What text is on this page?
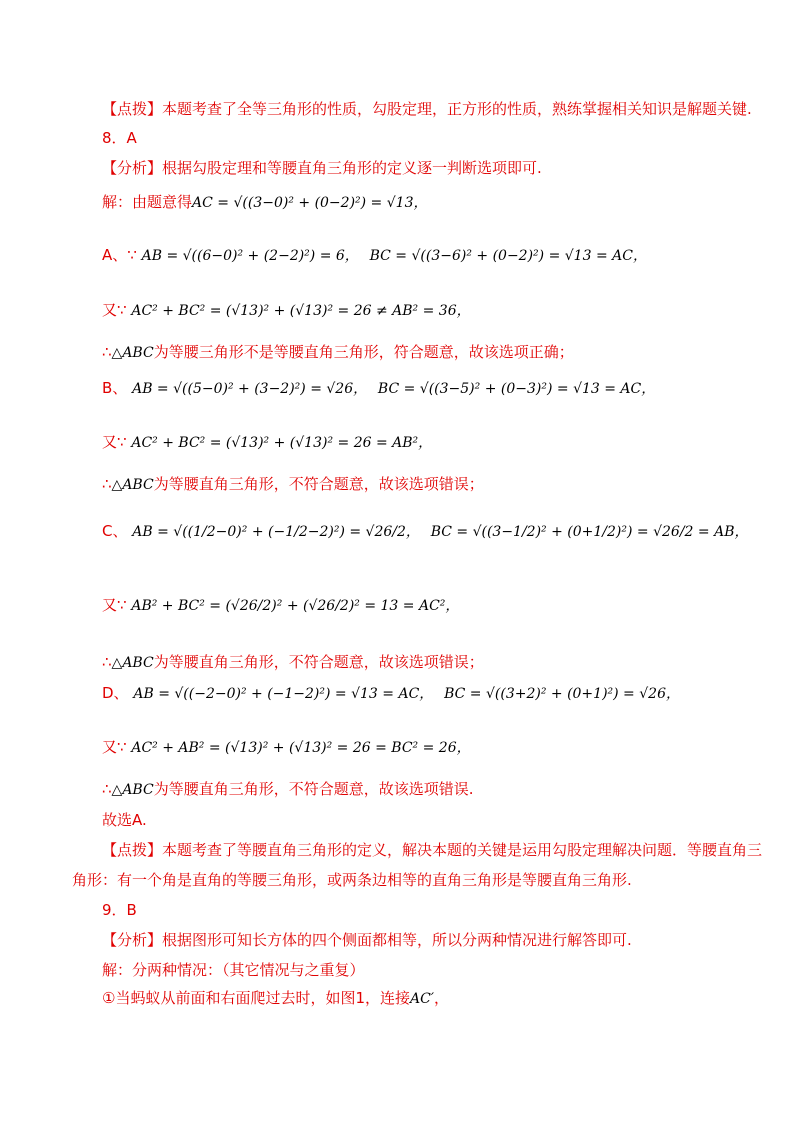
【点拨】本题考查了全等三角形的性质，勾股定理，正方形的性质，熟练掌握相关知识是解题关键.
8．A
【分析】根据勾股定理和等腰直角三角形的定义逐一判断选项即可.
解：由题意得AC = √((3−0)² + (0−2)²) = √13，
A、∵ AB = √((6−0)² + (2−2)²) = 6， BC = √((3−6)² + (0−2)²) = √13 = AC，
又∵ AC² + BC² = (√13)² + (√13)² = 26 ≠ AB² = 36，
∴△ABC为等腰三角形不是等腰直角三角形，符合题意，故该选项正确；
B、 AB = √((5−0)² + (3−2)²) = √26， BC = √((3−5)² + (0−3)²) = √13 = AC，
又∵ AC² + BC² = (√13)² + (√13)² = 26 = AB²，
∴△ABC为等腰直角三角形，不符合题意，故该选项错误；
C、 AB = √((1/2−0)² + (−1/2−2)²) = √26/2， BC = √((3−1/2)² + (0+1/2)²) = √26/2 = AB，
又∵ AB² + BC² = (√26/2)² + (√26/2)² = 13 = AC²，
∴△ABC为等腰直角三角形，不符合题意，故该选项错误；
D、 AB = √((−2−0)² + (−1−2)²) = √13 = AC， BC = √((3+2)² + (0+1)²) = √26，
又∵ AC² + AB² = (√13)² + (√13)² = 26 = BC² = 26，
∴△ABC为等腰直角三角形，不符合题意，故该选项错误.
故选A.
【点拨】本题考查了等腰直角三角形的定义，解决本题的关键是运用勾股定理解决问题．等腰直角三
角形：有一个角是直角的等腰三角形，或两条边相等的直角三角形是等腰直角三角形.
9．B
【分析】根据图形可知长方体的四个侧面都相等，所以分两种情况进行解答即可.
解：分两种情况：（其它情况与之重复）
①当蚂蚁从前面和右面爬过去时，如图1，连接AC′，
